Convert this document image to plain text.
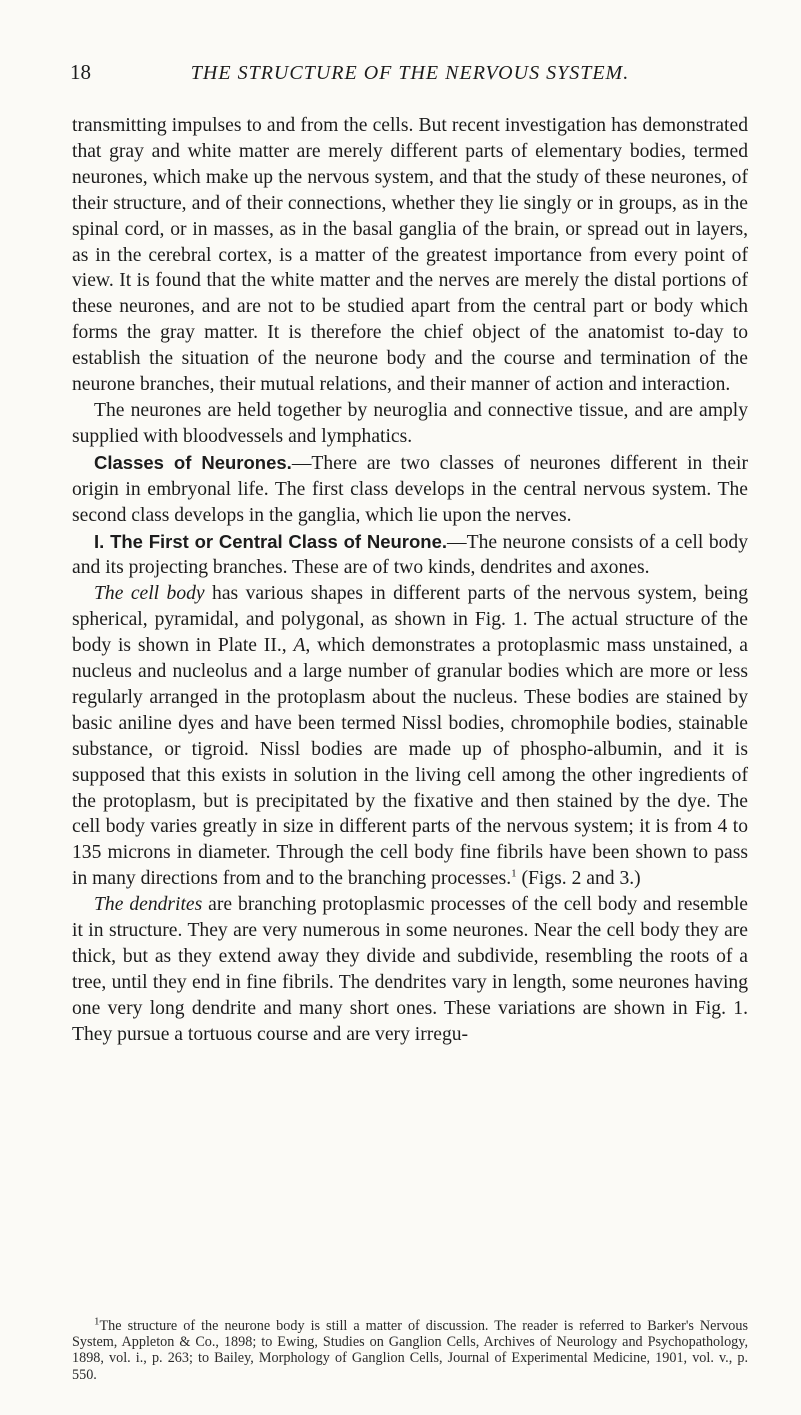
18	THE STRUCTURE OF THE NERVOUS SYSTEM.

transmitting impulses to and from the cells. But recent investigation has demonstrated that gray and white matter are merely different parts of elementary bodies, termed neurones, which make up the nervous system, and that the study of these neurones, of their structure, and of their connections, whether they lie singly or in groups, as in the spinal cord, or in masses, as in the basal ganglia of the brain, or spread out in layers, as in the cerebral cortex, is a matter of the greatest importance from every point of view. It is found that the white matter and the nerves are merely the distal portions of these neurones, and are not to be studied apart from the central part or body which forms the gray matter. It is therefore the chief object of the anatomist to-day to establish the situation of the neurone body and the course and termination of the neurone branches, their mutual relations, and their manner of action and interaction.

The neurones are held together by neuroglia and connective tissue, and are amply supplied with bloodvessels and lymphatics.

Classes of Neurones.—There are two classes of neurones different in their origin in embryonal life. The first class develops in the central nervous system. The second class develops in the ganglia, which lie upon the nerves.

I. The First or Central Class of Neurone.—The neurone consists of a cell body and its projecting branches. These are of two kinds, dendrites and axones.

The cell body has various shapes in different parts of the nervous system, being spherical, pyramidal, and polygonal, as shown in Fig. 1. The actual structure of the body is shown in Plate II., A, which demonstrates a protoplasmic mass unstained, a nucleus and nucleolus and a large number of granular bodies which are more or less regularly arranged in the protoplasm about the nucleus. These bodies are stained by basic aniline dyes and have been termed Nissl bodies, chromophile bodies, stainable substance, or tigroid. Nissl bodies are made up of phospho-albumin, and it is supposed that this exists in solution in the living cell among the other ingredients of the protoplasm, but is precipitated by the fixative and then stained by the dye. The cell body varies greatly in size in different parts of the nervous system; it is from 4 to 135 microns in diameter. Through the cell body fine fibrils have been shown to pass in many directions from and to the branching processes.$^1$ (Figs. 2 and 3.)

The dendrites are branching protoplasmic processes of the cell body and resemble it in structure. They are very numerous in some neurones. Near the cell body they are thick, but as they extend away they divide and subdivide, resembling the roots of a tree, until they end in fine fibrils. The dendrites vary in length, some neurones having one very long dendrite and many short ones. These variations are shown in Fig. 1. They pursue a tortuous course and are very irregu-

$^1$The structure of the neurone body is still a matter of discussion. The reader is referred to Barker's Nervous System, Appleton & Co., 1898; to Ewing, Studies on Ganglion Cells, Archives of Neurology and Psychopathology, 1898, vol. i., p. 263; to Bailey, Morphology of Ganglion Cells, Journal of Experimental Medicine, 1901, vol. v., p. 550.
